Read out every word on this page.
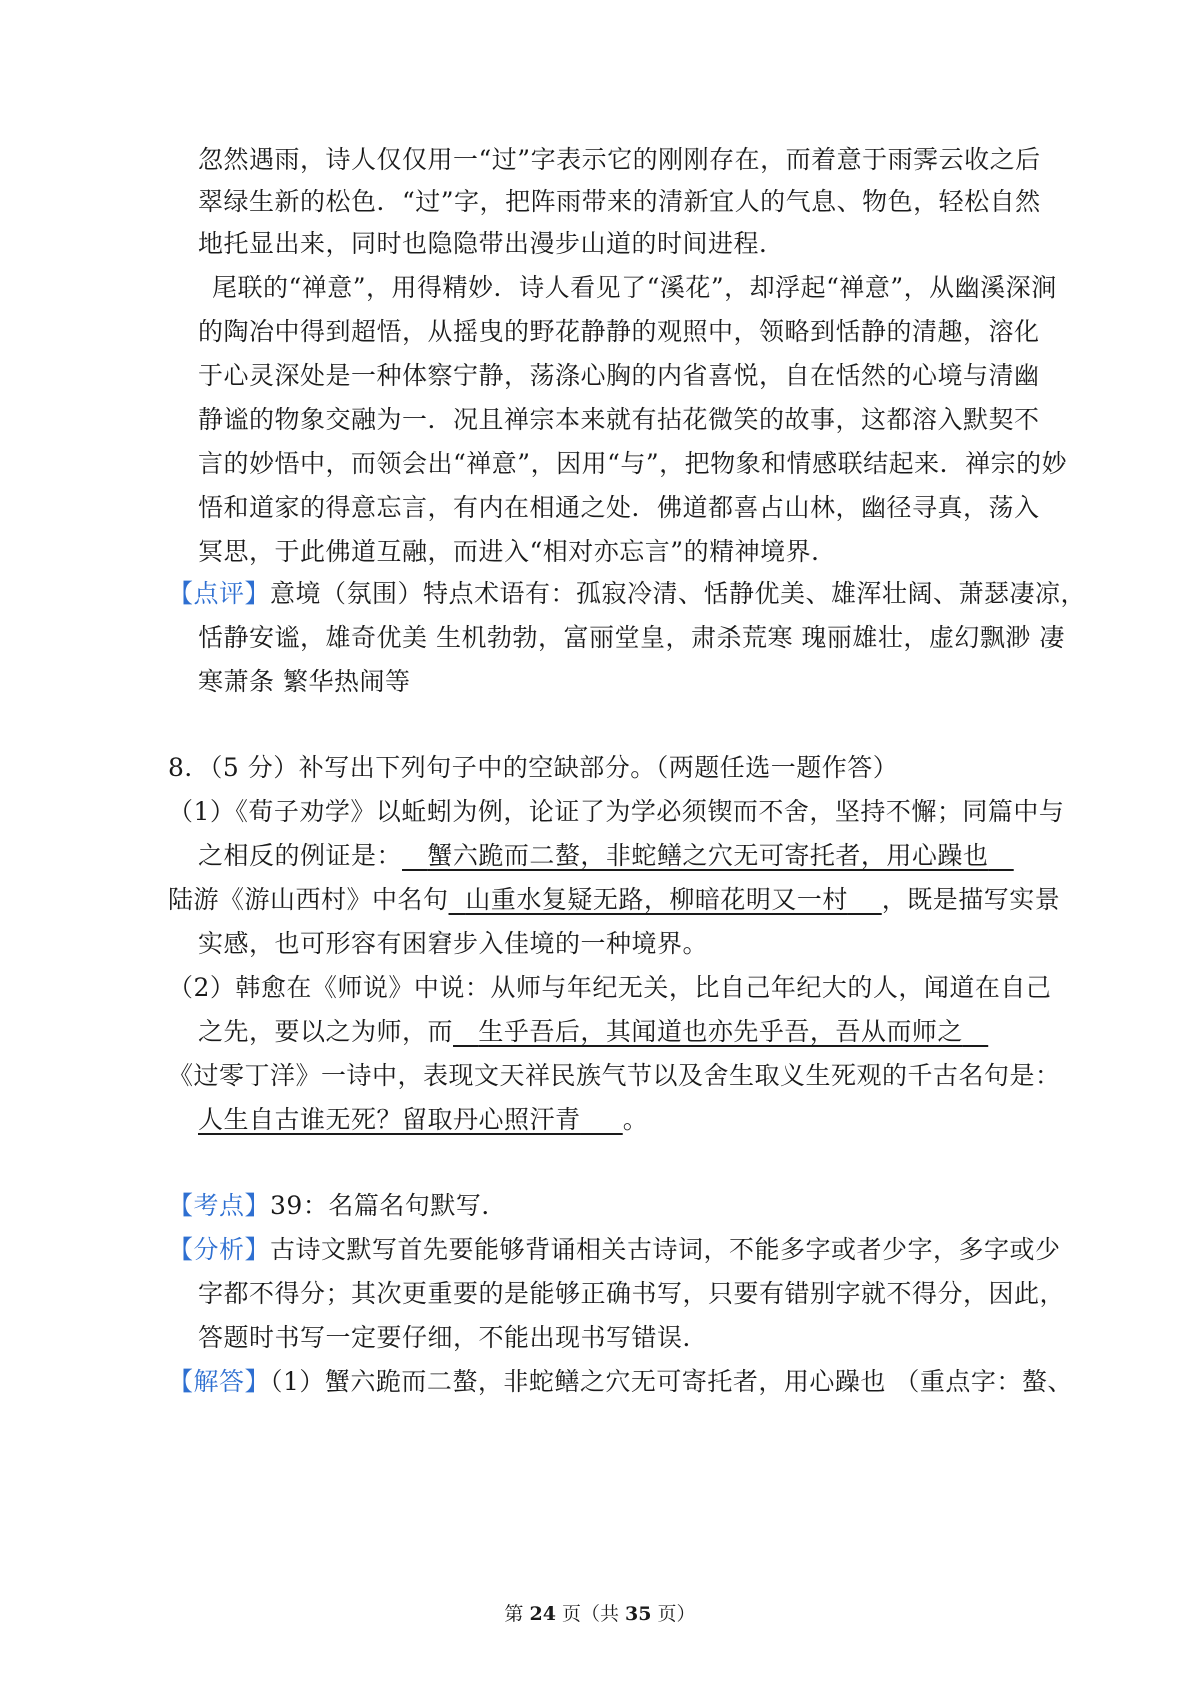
忽然遇雨，诗人仅仅用一“过”字表示它的刚刚存在，而着意于雨霁云收之后
翠绿生新的松色．“过”字，把阵雨带来的清新宜人的气息、物色，轻松自然
地托显出来，同时也隐隐带出漫步山道的时间进程．
尾联的“禅意”，用得精妙．诗人看见了“溪花”，却浮起“禅意”，从幽溪深涧
的陶冶中得到超悟，从摇曳的野花静静的观照中，领略到恬静的清趣，溶化
于心灵深处是一种体察宁静，荡涤心胸的内省喜悦，自在恬然的心境与清幽
静谧的物象交融为一．况且禅宗本来就有拈花微笑的故事，这都溶入默契不
言的妙悟中，而领会出“禅意”，因用“与”，把物象和情感联结起来．禅宗的妙
悟和道家的得意忘言，有内在相通之处．佛道都喜占山林，幽径寻真，荡入
冥思，于此佛道互融，而进入“相对亦忘言”的精神境界．
【点评】意境（氛围）特点术语有：孤寂冷清、恬静优美、雄浑壮阔、萧瑟凄凉，
恬静安谧，雄奇优美 生机勃勃，富丽堂皇，肃杀荒寒 瑰丽雄壮，虚幻飘渺 凄
寒萧条 繁华热闹等
8．（5 分）补写出下列句子中的空缺部分。（两题任选一题作答）
（1）《荀子劝学》以蚯蚓为例，论证了为学必须锲而不舍，坚持不懈；同篇中与
之相反的例证是： 蟹六跪而二螯，非蛇鳝之穴无可寄托者，用心躁也
陆游《游山西村》中名句 山重水复疑无路，柳暗花明又一村 ，既是描写实景
实感，也可形容有困窘步入佳境的一种境界。
（2）韩愈在《师说》中说：从师与年纪无关，比自己年纪大的人，闻道在自己
之先，要以之为师，而 生乎吾后，其闻道也亦先乎吾，吾从而师之
《过零丁洋》一诗中，表现文天祥民族气节以及舍生取义生死观的千古名句是：
人生自古谁无死？留取丹心照汗青 。
【考点】39：名篇名句默写．
【分析】古诗文默写首先要能够背诵相关古诗词，不能多字或者少字，多字或少
字都不得分；其次更重要的是能够正确书写，只要有错别字就不得分，因此，
答题时书写一定要仔细，不能出现书写错误．
【解答】（1）蟹六跪而二螯，非蛇鳝之穴无可寄托者，用心躁也 （重点字：螯、
第 24 页（共 35 页）
